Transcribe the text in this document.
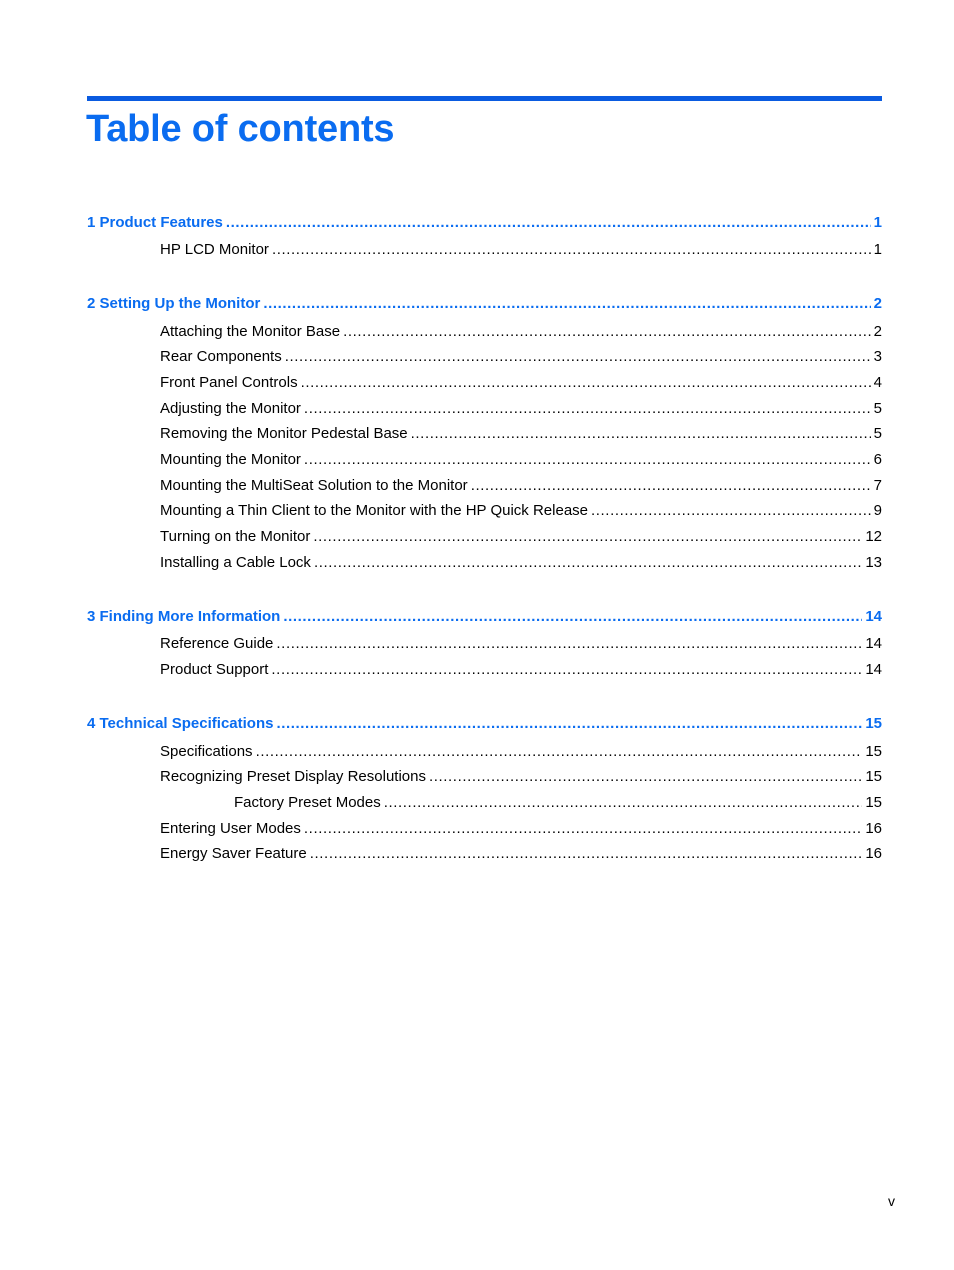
Table of contents
1 Product Features .....	1
HP LCD Monitor .....	1
2 Setting Up the Monitor .....	2
Attaching the Monitor Base .....	2
Rear Components .....	3
Front Panel Controls .....	4
Adjusting the Monitor .....	5
Removing the Monitor Pedestal Base .....	5
Mounting the Monitor .....	6
Mounting the MultiSeat Solution to the Monitor .....	7
Mounting a Thin Client to the Monitor with the HP Quick Release .....	9
Turning on the Monitor .....	12
Installing a Cable Lock .....	13
3 Finding More Information .....	14
Reference Guide .....	14
Product Support .....	14
4 Technical Specifications .....	15
Specifications .....	15
Recognizing Preset Display Resolutions .....	15
Factory Preset Modes .....	15
Entering User Modes .....	16
Energy Saver Feature .....	16
v
